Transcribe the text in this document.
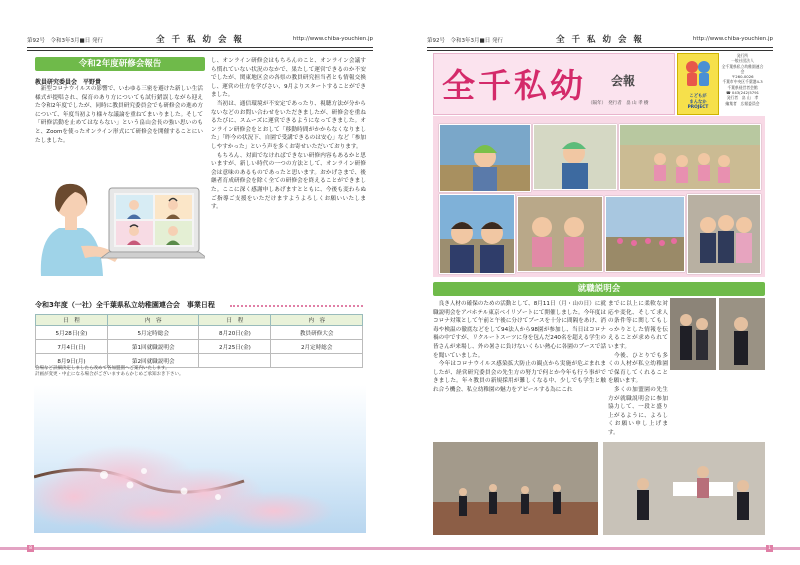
第92号　令和3年3月■日 発行	全 千 私 幼 会 報	http://www.chiba-youchien.jp
令和2年度研修会報告
教員研究委員会　平野貴
　新型コロナウイルスの影響で、いわゆる三密を避けた新しい生活様式が提唱され、保育のあり方についても試行錯誤しながら迎えた令和2年度でしたが、同時に教員研究委員会でも研修会の進め方について、年度当初より様々な議論を重ねてまいりました。そして「研修活動を止めてはならない」という畠山会長の強い思いのもと、Zoomを使ったオンライン形式にて研修会を開催することにいたしました。
し、オンライン研修会はもちろんのこと、オンライン会議すら慣れていない状況のなかで、果たして運営できるのか不安でしたが、関東地区会の各県の教員研究担当者とも情報交換し、運営の仕方を学びさい、9月よりスタートすることができました。
　当初は、通信環境が不安定であったり、視聴方法が分からないなどのお問い合わせをいただきましたが、研修会を重ねるたびに、スムーズに運営できるようになってきました。オンライン研修会をとおして「移動時間がかからなくなりました」「昨今の状況下、自園で受講できるのは安心」など「参加しやすかった」という声を多くお寄せいただいております。
　もちろん、対面でなければできない研修内容もあるかと思いますが、新しい時代の一つの方法として、オンライン研修会は意味のあるものであったと思います。おかげさまで、後継者育成研修会を除く全ての研修会を終えることができました。ここに深く感謝申しあげますとともに、今後も変わらぬご指導ご支援をいただけますようよろしくお願いいたします。
令和3年度（一社）全千葉県私立幼稚園連合会　事業日程
日　程	内　容	日　程	内　容
5月28日(金)	5月定時総会	8月20日(金)	教員研修大会
7月4日(日)	第1回就職説明会	2月25日(金)	2月定時総会
8月9日(月)	第2回就職説明会		
会場など詳細決定しましたら改めて各加盟園へご案内いたします。
計画が変更・中止になる場合がございますあらかじめご承知おき下さい。
8
第92号　令和3年3月■日 発行	全 千 私 幼 会 報	http://www.chiba-youchien.jp
全千私幼 会報
（隔年）　発行者　畠 山 孝 樹
こどもが
まんなか
PROJECT
発行所
一般社団法人
全千葉県私立幼稚園連合会
〒260-0026
千葉市中央区千葉港4-3
千葉県経営者会館
☎ 043(242)5791
発行者　畠 山　孝
編集者　広報委員会
就職説明会
　良き人材の確保のための活動として、8月11日（月・山の日）に就職説明会をアパホテル東京ベイリゾートにて開催しました。今年度はコロナ対策として午前と午後に分けてブースを十分に間隔をあけ、消毒や検温の徹底などをして94法人から98園が参加し、当日はコロナ禍の中ですが、リクルートスーツに身を包んだ240名を超える学生の皆さんが来場し、外の暑さに負けないくらい熱心に各園のブースで話を聞いていました。
　今年はコロナウイルス感染拡大防止の観点から実施が危ぶまれましたが、経営研究委員会の先生方の努力で何とか今年も行う事ができました。年々教員の新規採用が難しくなる中、少しでも学生と触れ合う機会、私立幼稚園の魅力をアピールする為にこれ
までに以上に柔軟な対応や変化、そして求人の条件等に関してもしっかりとした情報を伝えることが求められています。
　今後、ひとりでも多くの人材が私立幼稚園で保育してくれることを願います。
　多くの加盟園の先生方が就職説明会に参加協力して、一段と盛り上がるように、よろしくお願い申し上げます。
1
